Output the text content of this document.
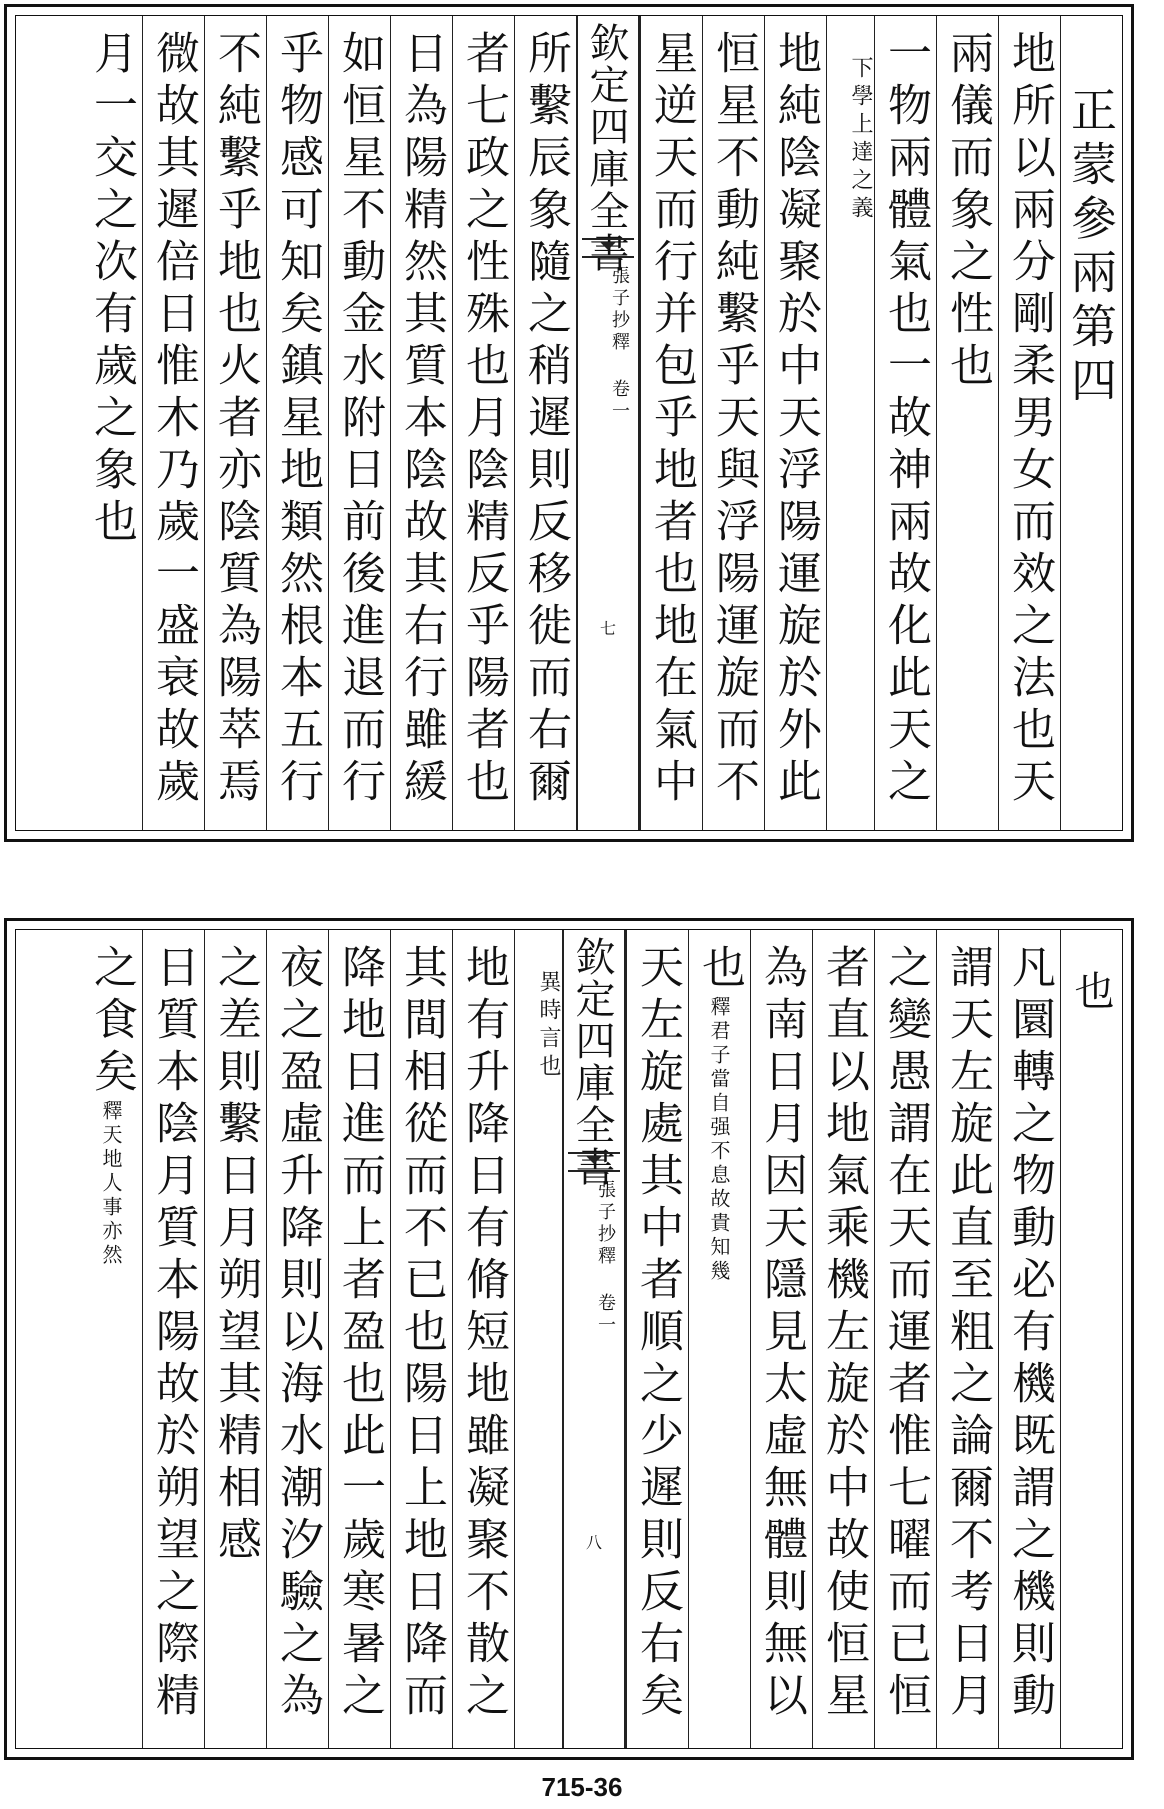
正蒙參兩第四
地所以兩分剛柔男女而效之法也天
兩儀而象之性也
一物兩體氣也一故神兩故化此天之
下學上達之義
地純陰凝聚於中天浮陽運旋於外此
恒星不動純繫乎天與浮陽運旋而不
星逆天而行并包乎地者也地在氣中
欽定四庫全書
張子抄釋 卷一
七
所繫辰象隨之稍遲則反移徙而右爾
者七政之性殊也月陰精反乎陽者也
日為陽精然其質本陰故其右行雖緩
如恒星不動金水附日前後進退而行
乎物感可知矣鎮星地類然根本五行
不純繫乎地也火者亦陰質為陽萃焉
微故其遲倍日惟木乃歲一盛衰故歲
月一交之次有歲之象也
也
凡圜轉之物動必有機既謂之機則動
謂天左旋此直至粗之論爾不考日月
之變愚謂在天而運者惟七曜而已恒
者直以地氣乘機左旋於中故使恒星
為南日月因天隱見太虛無體則無以
也釋君子當自强不息故貴知幾
天左旋處其中者順之少遲則反右矣
欽定四庫全書
張子抄釋 卷一
八
異時言也
地有升降日有脩短地雖凝聚不散之
其間相從而不已也陽日上地日降而
降地日進而上者盈也此一歲寒暑之
夜之盈虛升降則以海水潮汐驗之為
之差則繫日月朔望其精相感
日質本陰月質本陽故於朔望之際精
之食矣釋天地人事亦然
715-36
